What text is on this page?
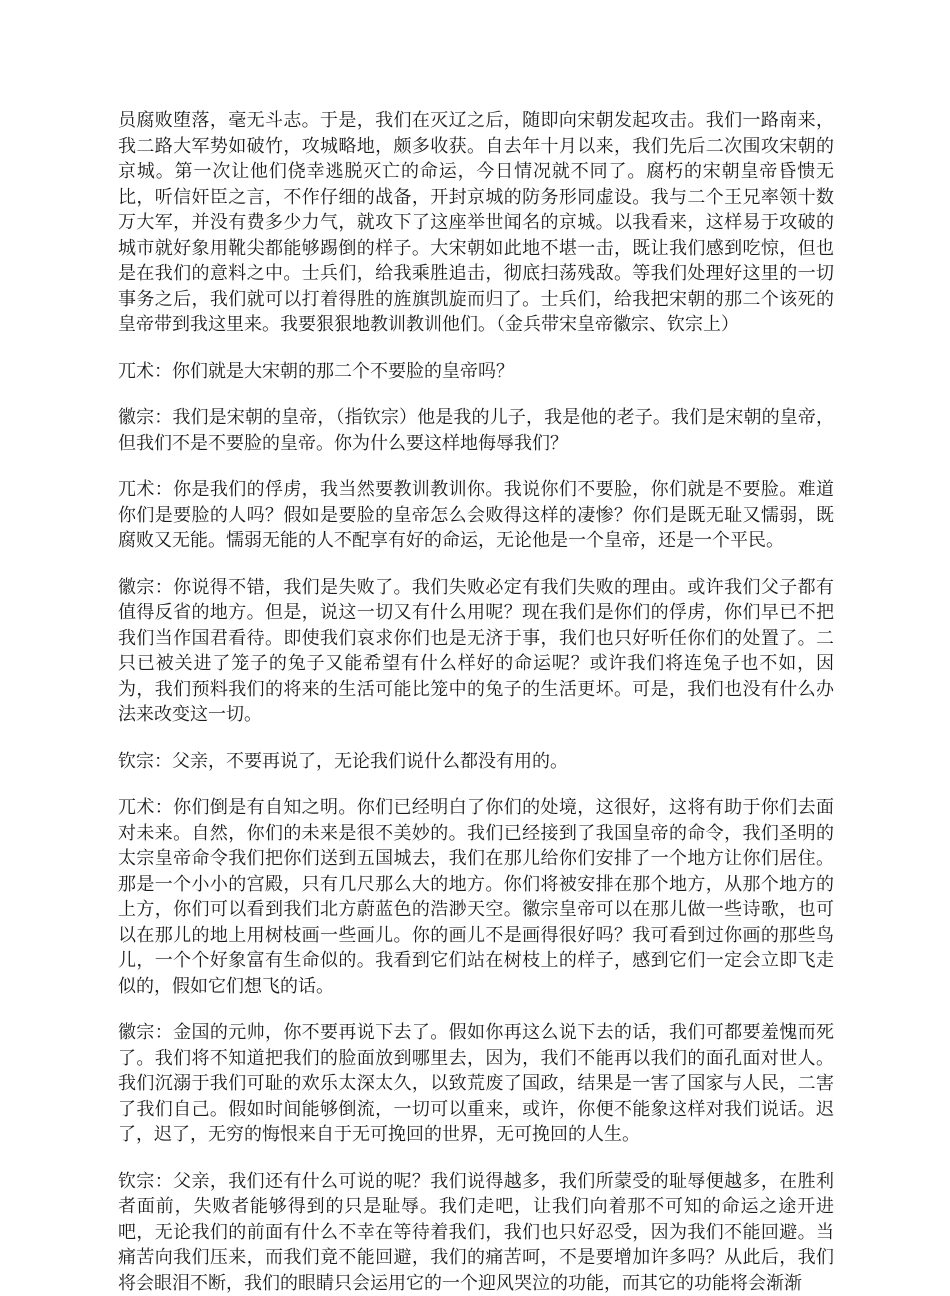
员腐败堕落，毫无斗志。于是，我们在灭辽之后，随即向宋朝发起攻击。我们一路南来，我二路大军势如破竹，攻城略地，颇多收获。自去年十月以来，我们先后二次围攻宋朝的京城。第一次让他们侥幸逃脱灭亡的命运，今日情况就不同了。腐朽的宋朝皇帝昏愦无比，听信奸臣之言，不作仔细的战备，开封京城的防务形同虚设。我与二个王兄率领十数万大军，并没有费多少力气，就攻下了这座举世闻名的京城。以我看来，这样易于攻破的城市就好象用靴尖都能够踢倒的样子。大宋朝如此地不堪一击，既让我们感到吃惊，但也是在我们的意料之中。士兵们，给我乘胜追击，彻底扫荡残敌。等我们处理好这里的一切事务之后，我们就可以打着得胜的旌旗凯旋而归了。士兵们，给我把宋朝的那二个该死的皇帝带到我这里来。我要狠狠地教训教训他们。（金兵带宋皇帝徽宗、钦宗上）

兀术：你们就是大宋朝的那二个不要脸的皇帝吗？

徽宗：我们是宋朝的皇帝，（指钦宗）他是我的儿子，我是他的老子。我们是宋朝的皇帝，但我们不是不要脸的皇帝。你为什么要这样地侮辱我们？

兀术：你是我们的俘虏，我当然要教训教训你。我说你们不要脸，你们就是不要脸。难道你们是要脸的人吗？假如是要脸的皇帝怎么会败得这样的凄惨？你们是既无耻又懦弱，既腐败又无能。懦弱无能的人不配享有好的命运，无论他是一个皇帝，还是一个平民。

徽宗：你说得不错，我们是失败了。我们失败必定有我们失败的理由。或许我们父子都有值得反省的地方。但是，说这一切又有什么用呢？现在我们是你们的俘虏，你们早已不把我们当作国君看待。即使我们哀求你们也是无济于事，我们也只好听任你们的处置了。二只已被关进了笼子的兔子又能希望有什么样好的命运呢？或许我们将连兔子也不如，因为，我们预料我们的将来的生活可能比笼中的兔子的生活更坏。可是，我们也没有什么办法来改变这一切。

钦宗：父亲，不要再说了，无论我们说什么都没有用的。

兀术：你们倒是有自知之明。你们已经明白了你们的处境，这很好，这将有助于你们去面对未来。自然，你们的未来是很不美妙的。我们已经接到了我国皇帝的命令，我们圣明的太宗皇帝命令我们把你们送到五国城去，我们在那儿给你们安排了一个地方让你们居住。那是一个小小的宫殿，只有几尺那么大的地方。你们将被安排在那个地方，从那个地方的上方，你们可以看到我们北方蔚蓝色的浩渺天空。徽宗皇帝可以在那儿做一些诗歌，也可以在那儿的地上用树枝画一些画儿。你的画儿不是画得很好吗？我可看到过你画的那些鸟儿，一个个好象富有生命似的。我看到它们站在树枝上的样子，感到它们一定会立即飞走似的，假如它们想飞的话。

徽宗：金国的元帅，你不要再说下去了。假如你再这么说下去的话，我们可都要羞愧而死了。我们将不知道把我们的脸面放到哪里去，因为，我们不能再以我们的面孔面对世人。我们沉溺于我们可耻的欢乐太深太久，以致荒废了国政，结果是一害了国家与人民，二害了我们自己。假如时间能够倒流，一切可以重来，或许，你便不能象这样对我们说话。迟了，迟了，无穷的悔恨来自于无可挽回的世界，无可挽回的人生。

钦宗：父亲，我们还有什么可说的呢？我们说得越多，我们所蒙受的耻辱便越多，在胜利者面前，失败者能够得到的只是耻辱。我们走吧，让我们向着那不可知的命运之途开进吧，无论我们的前面有什么不幸在等待着我们，我们也只好忍受，因为我们不能回避。当痛苦向我们压来，而我们竟不能回避，我们的痛苦呵，不是要增加许多吗？从此后，我们将会眼泪不断，我们的眼睛只会运用它的一个迎风哭泣的功能，而其它的功能将会渐渐
